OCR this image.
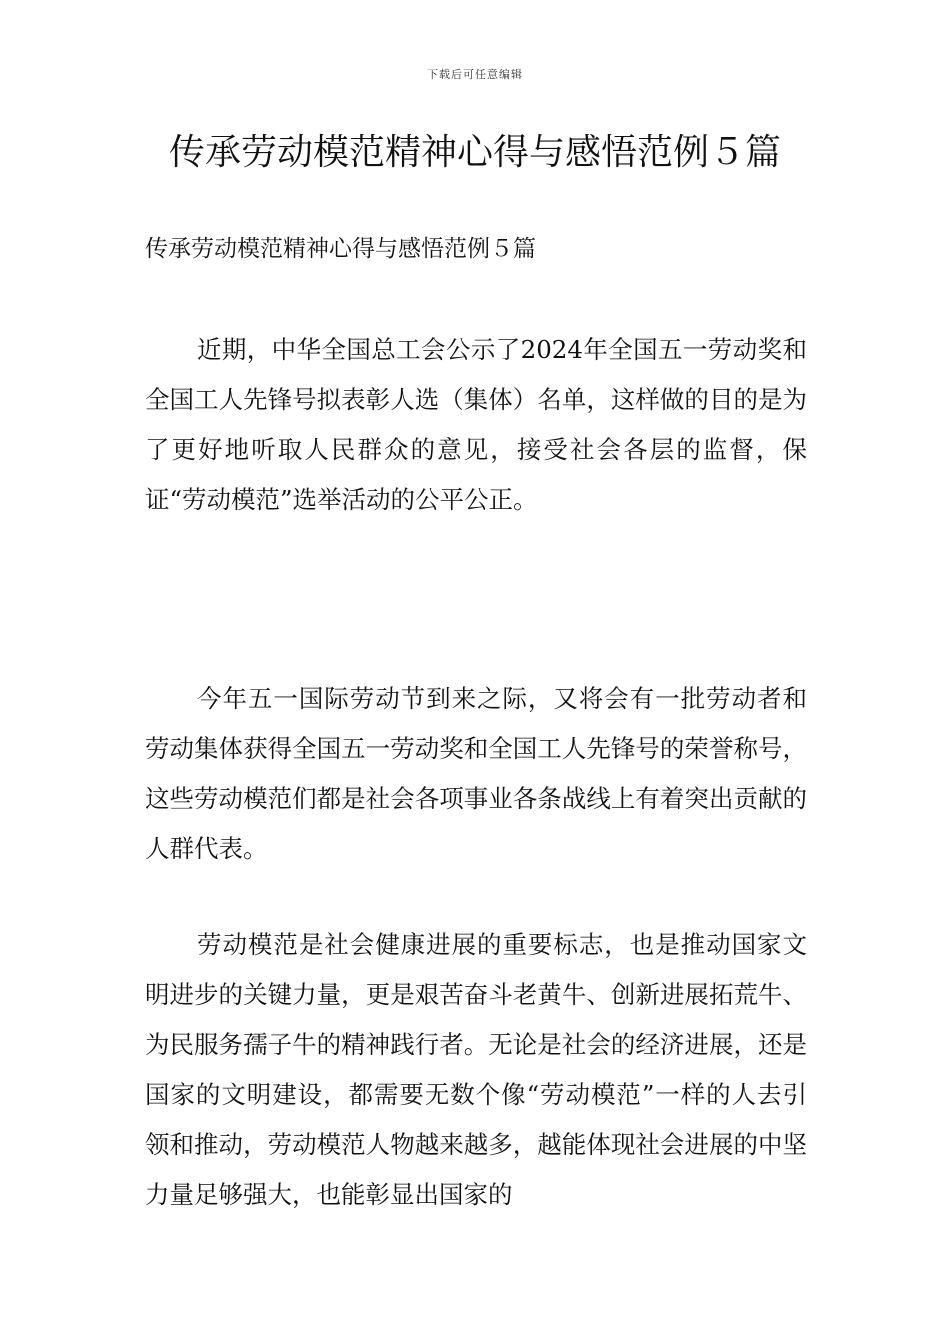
下载后可任意编辑
传承劳动模范精神心得与感悟范例５篇

传承劳动模范精神心得与感悟范例５篇

近期，中华全国总工会公示了2024年全国五一劳动奖和全国工人先锋号拟表彰人选（集体）名单，这样做的目的是为了更好地听取人民群众的意见，接受社会各层的监督，保证“劳动模范”选举活动的公平公正。

今年五一国际劳动节到来之际，又将会有一批劳动者和劳动集体获得全国五一劳动奖和全国工人先锋号的荣誉称号，这些劳动模范们都是社会各项事业各条战线上有着突出贡献的人群代表。

劳动模范是社会健康进展的重要标志，也是推动国家文明进步的关键力量，更是艰苦奋斗老黄牛、创新进展拓荒牛、为民服务孺子牛的精神践行者。无论是社会的经济进展，还是国家的文明建设，都需要无数个像“劳动模范”一样的人去引领和推动，劳动模范人物越来越多，越能体现社会进展的中坚力量足够强大，也能彰显出国家的
